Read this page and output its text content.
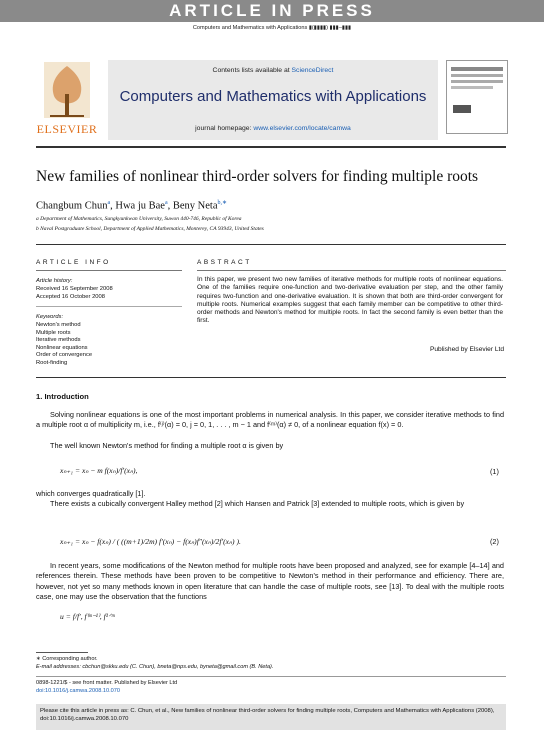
ARTICLE IN PRESS
Computers and Mathematics with Applications ▮(▮▮▮▮) ▮▮▮–▮▮▮
ELSEVIER
Contents lists available at ScienceDirect
Computers and Mathematics with Applications
journal homepage: www.elsevier.com/locate/camwa
New families of nonlinear third-order solvers for finding multiple roots
Changbum Chun$^a$, Hwa ju Bae$^a$, Beny Neta$^{b,∗}$
a Department of Mathematics, Sungkyunkwan University, Suwon 440-746, Republic of Korea
b Naval Postgraduate School, Department of Applied Mathematics, Monterey, CA 93943, United States
ARTICLE INFO
Article history:
Received 16 September 2008
Accepted 16 October 2008
Keywords:
Newton's method
Multiple roots
Iterative methods
Nonlinear equations
Order of convergence
Root-finding
ABSTRACT
In this paper, we present two new families of iterative methods for multiple roots of nonlinear equations. One of the families require one-function and two-derivative evaluation per step, and the other family requires two-function and one-derivative evaluation. It is shown that both are third-order convergent for multiple roots. Numerical examples suggest that each family member can be competitive to other third-order methods and Newton's method for multiple roots. In fact the second family is even better than the first.
Published by Elsevier Ltd
1. Introduction
Solving nonlinear equations is one of the most important problems in numerical analysis. In this paper, we consider iterative methods to find a multiple root α of multiplicity m, i.e., f⁽ʲ⁾(α) = 0, j = 0, 1, . . . , m − 1 and f⁽ᵐ⁾(α) ≠ 0, of a nonlinear equation f(x) = 0.
The well known Newton's method for finding a multiple root α is given by
xₙ₊₁ = xₙ − m f(xₙ)/f′(xₙ),	(1)
which converges quadratically [1].
There exists a cubically convergent Halley method [2] which Hansen and Patrick [3] extended to multiple roots, which is given by
xₙ₊₁ = xₙ − f(xₙ) / ( ((m+1)/2m) f′(xₙ) − f(xₙ)f″(xₙ)/2f′(xₙ) ).	(2)
In recent years, some modifications of the Newton method for multiple roots have been proposed and analyzed, see for example [4–14] and references therein. These methods have been proven to be competitive to Newton's method in their performance and efficiency. There are, however, not yet so many methods known in open literature that can handle the case of multiple roots, see [13]. To deal with the multiple roots case, one may use the observation that the functions
u = f/f′, f⁽ᵐ⁻¹⁾, f¹ᐟᵐ
∗ Corresponding author.
E-mail addresses: cbchun@skku.edu (C. Chun), bneta@nps.edu, byneta@gmail.com (B. Neta).
0898-1221/$ - see front matter. Published by Elsevier Ltd
doi:10.1016/j.camwa.2008.10.070
Please cite this article in press as: C. Chun, et al., New families of nonlinear third-order solvers for finding multiple roots, Computers and Mathematics with Applications (2008), doi:10.1016/j.camwa.2008.10.070
